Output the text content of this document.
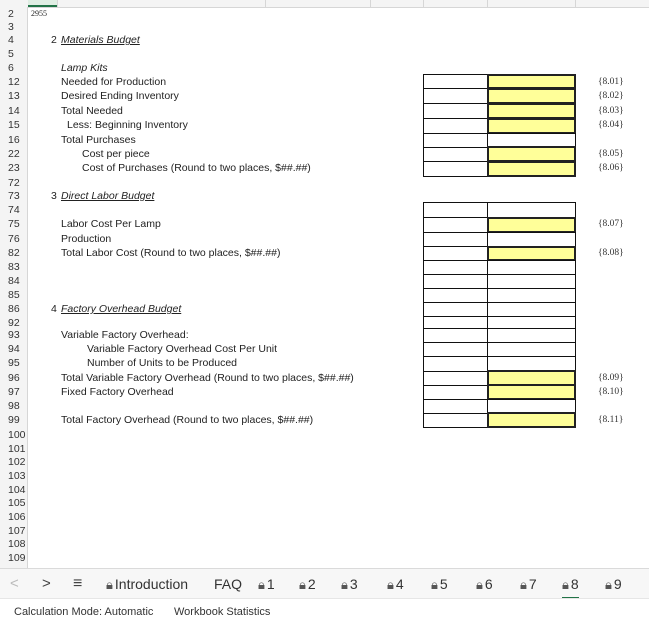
2
3
4
5
6
12
13
14
15
16
22
23
72
73
74
75
76
82
83
84
85
86
92
93
94
95
96
97
98
99
100
101
102
103
104
105
106
107
108
109
2955
2 Materials Budget
Lamp Kits
Needed for Production
Desired Ending Inventory
Total Needed
Less: Beginning Inventory
Total Purchases
Cost per piece
Cost of Purchases (Round to two places, $##.##)
3 Direct Labor Budget
Labor Cost Per Lamp
Production
Total Labor Cost (Round to two places, $##.##)
4 Factory Overhead Budget
Variable Factory Overhead:
Variable Factory Overhead Cost Per Unit
Number of Units to be Produced
Total Variable Factory Overhead (Round to two places, $##.##)
Fixed Factory Overhead
Total Factory Overhead (Round to two places, $##.##)
{8.01}
{8.02}
{8.03}
{8.04}
{8.05}
{8.06}
{8.07}
{8.08}
{8.09}
{8.10}
{8.11}
< > ≡ 🔒︎ Introduction FAQ 🔒︎ 1 🔒︎ 2 🔒︎ 3 🔒︎ 4 🔒︎ 5 🔒︎ 6 🔒︎ 7 🔒︎ 8 🔒︎ 9
Calculation Mode: Automatic Workbook Statistics
